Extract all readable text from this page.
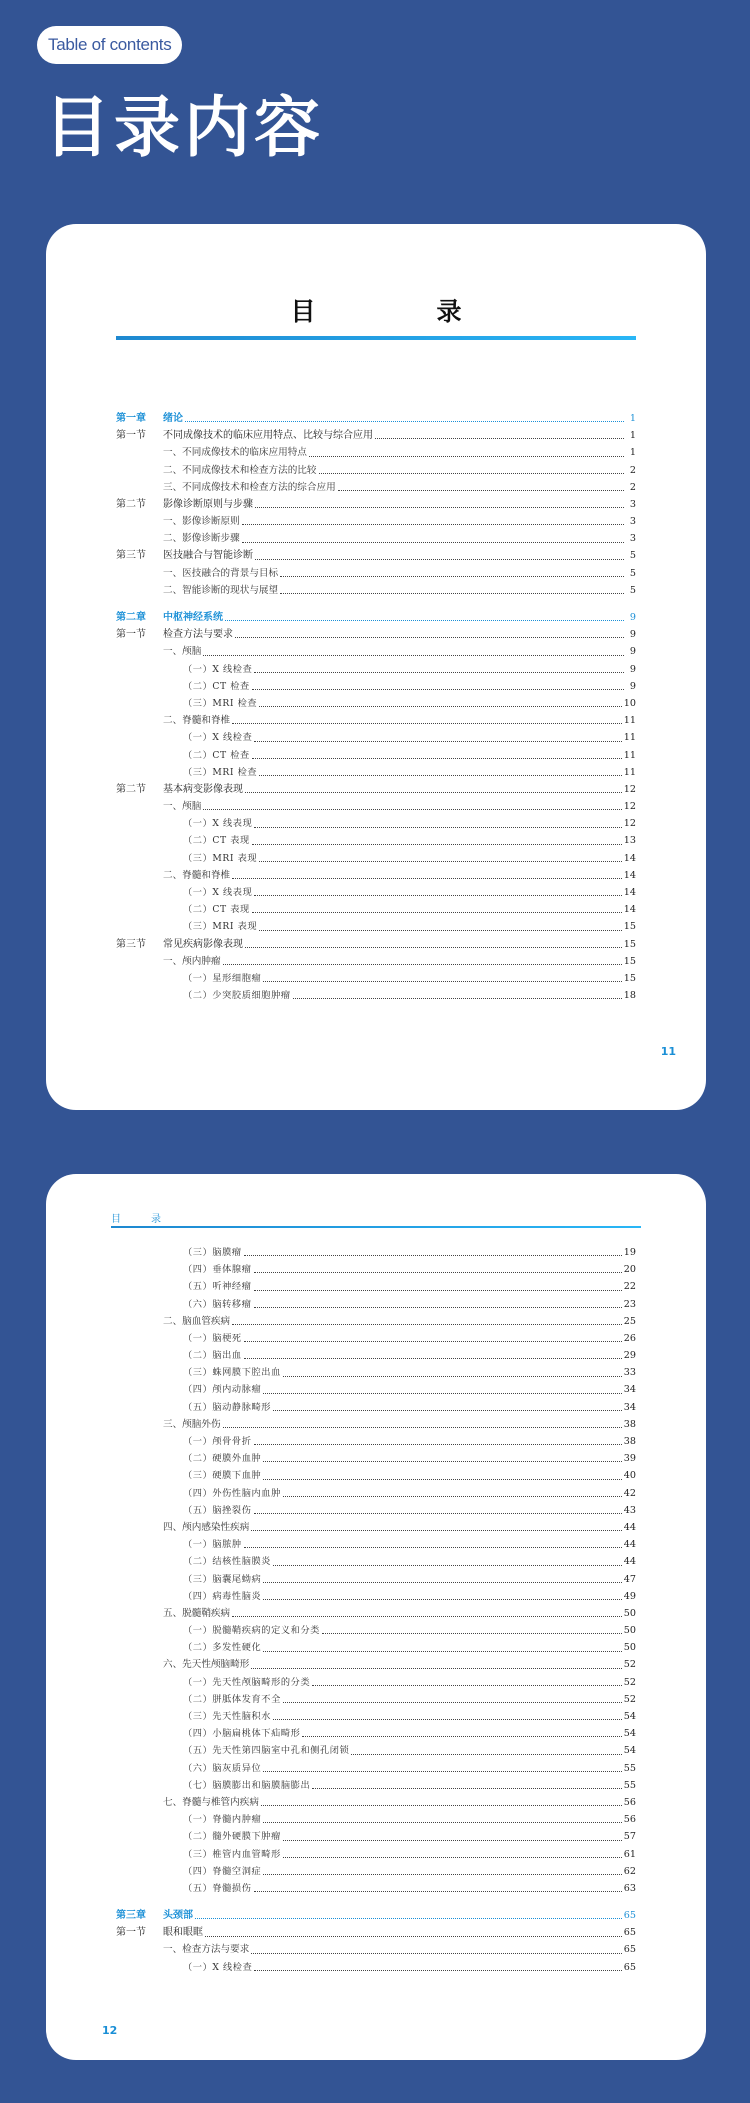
Table of contents
目录内容
目　录
第一章 绪论	1
第一节 不同成像技术的临床应用特点、比较与综合应用	1
一、不同成像技术的临床应用特点	1
二、不同成像技术和检查方法的比较	2
三、不同成像技术和检查方法的综合应用	2
第二节 影像诊断原则与步骤	3
一、影像诊断原则	3
二、影像诊断步骤	3
第三节 医技融合与智能诊断	5
一、医技融合的背景与目标	5
二、智能诊断的现状与展望	5
第二章 中枢神经系统	9
第一节 检查方法与要求	9
一、颅脑	9
（一）X 线检查	9
（二）CT 检查	9
（三）MRI 检查	10
二、脊髓和脊椎	11
（一）X 线检查	11
（二）CT 检查	11
（三）MRI 检查	11
第二节 基本病变影像表现	12
一、颅脑	12
（一）X 线表现	12
（二）CT 表现	13
（三）MRI 表现	14
二、脊髓和脊椎	14
（一）X 线表现	14
（二）CT 表现	14
（三）MRI 表现	15
第三节 常见疾病影像表现	15
一、颅内肿瘤	15
（一）星形细胞瘤	15
（二）少突胶质细胞肿瘤	18
11
目　录
（三）脑膜瘤	19
（四）垂体腺瘤	20
（五）听神经瘤	22
（六）脑转移瘤	23
二、脑血管疾病	25
（一）脑梗死	26
（二）脑出血	29
（三）蛛网膜下腔出血	33
（四）颅内动脉瘤	34
（五）脑动静脉畸形	34
三、颅脑外伤	38
（一）颅骨骨折	38
（二）硬膜外血肿	39
（三）硬膜下血肿	40
（四）外伤性脑内血肿	42
（五）脑挫裂伤	43
四、颅内感染性疾病	44
（一）脑脓肿	44
（二）结核性脑膜炎	44
（三）脑囊尾蚴病	47
（四）病毒性脑炎	49
五、脱髓鞘疾病	50
（一）脱髓鞘疾病的定义和分类	50
（二）多发性硬化	50
六、先天性颅脑畸形	52
（一）先天性颅脑畸形的分类	52
（二）胼胝体发育不全	52
（三）先天性脑积水	54
（四）小脑扁桃体下疝畸形	54
（五）先天性第四脑室中孔和侧孔闭锁	54
（六）脑灰质异位	55
（七）脑膜膨出和脑膜脑膨出	55
七、脊髓与椎管内疾病	56
（一）脊髓内肿瘤	56
（二）髓外硬膜下肿瘤	57
（三）椎管内血管畸形	61
（四）脊髓空洞症	62
（五）脊髓损伤	63
第三章 头颈部	65
第一节 眼和眼眶	65
一、检查方法与要求	65
（一）X 线检查	65
12
